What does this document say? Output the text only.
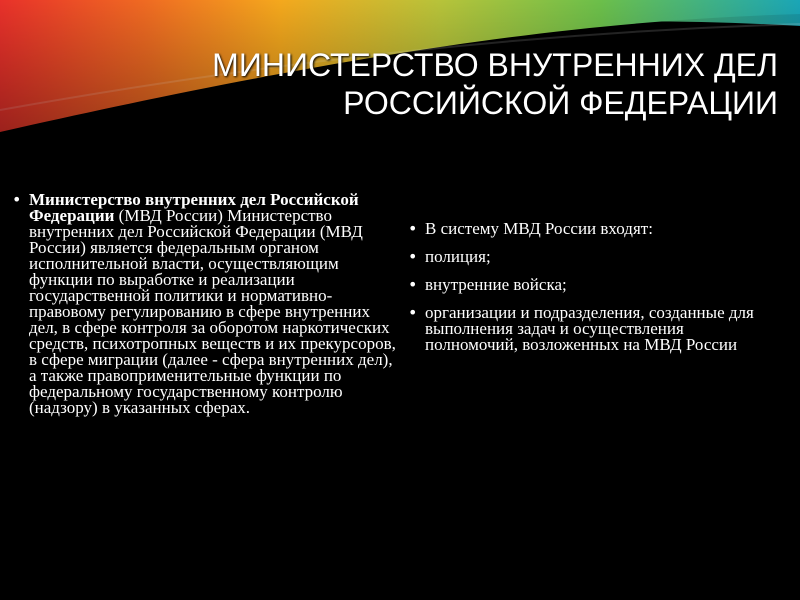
МИНИСТЕРСТВО ВНУТРЕННИХ ДЕЛ РОССИЙСКОЙ ФЕДЕРАЦИИ
• Министерство внутренних дел Российской Федерации (МВД России) Министерство внутренних дел Российской Федерации (МВД России) является федеральным органом исполнительной власти, осуществляющим функции по выработке и реализации государственной политики и нормативно-правовому регулированию в сфере внутренних дел, в сфере контроля за оборотом наркотических средств, психотропных веществ и их прекурсоров, в сфере миграции (далее - сфера внутренних дел), а также правоприменительные функции по федеральному государственному контролю (надзору) в указанных сферах.
• В систему МВД России входят:
• полиция;
• внутренние войска;
• организации и подразделения, созданные для выполнения задач и осуществления полномочий, возложенных на МВД России
